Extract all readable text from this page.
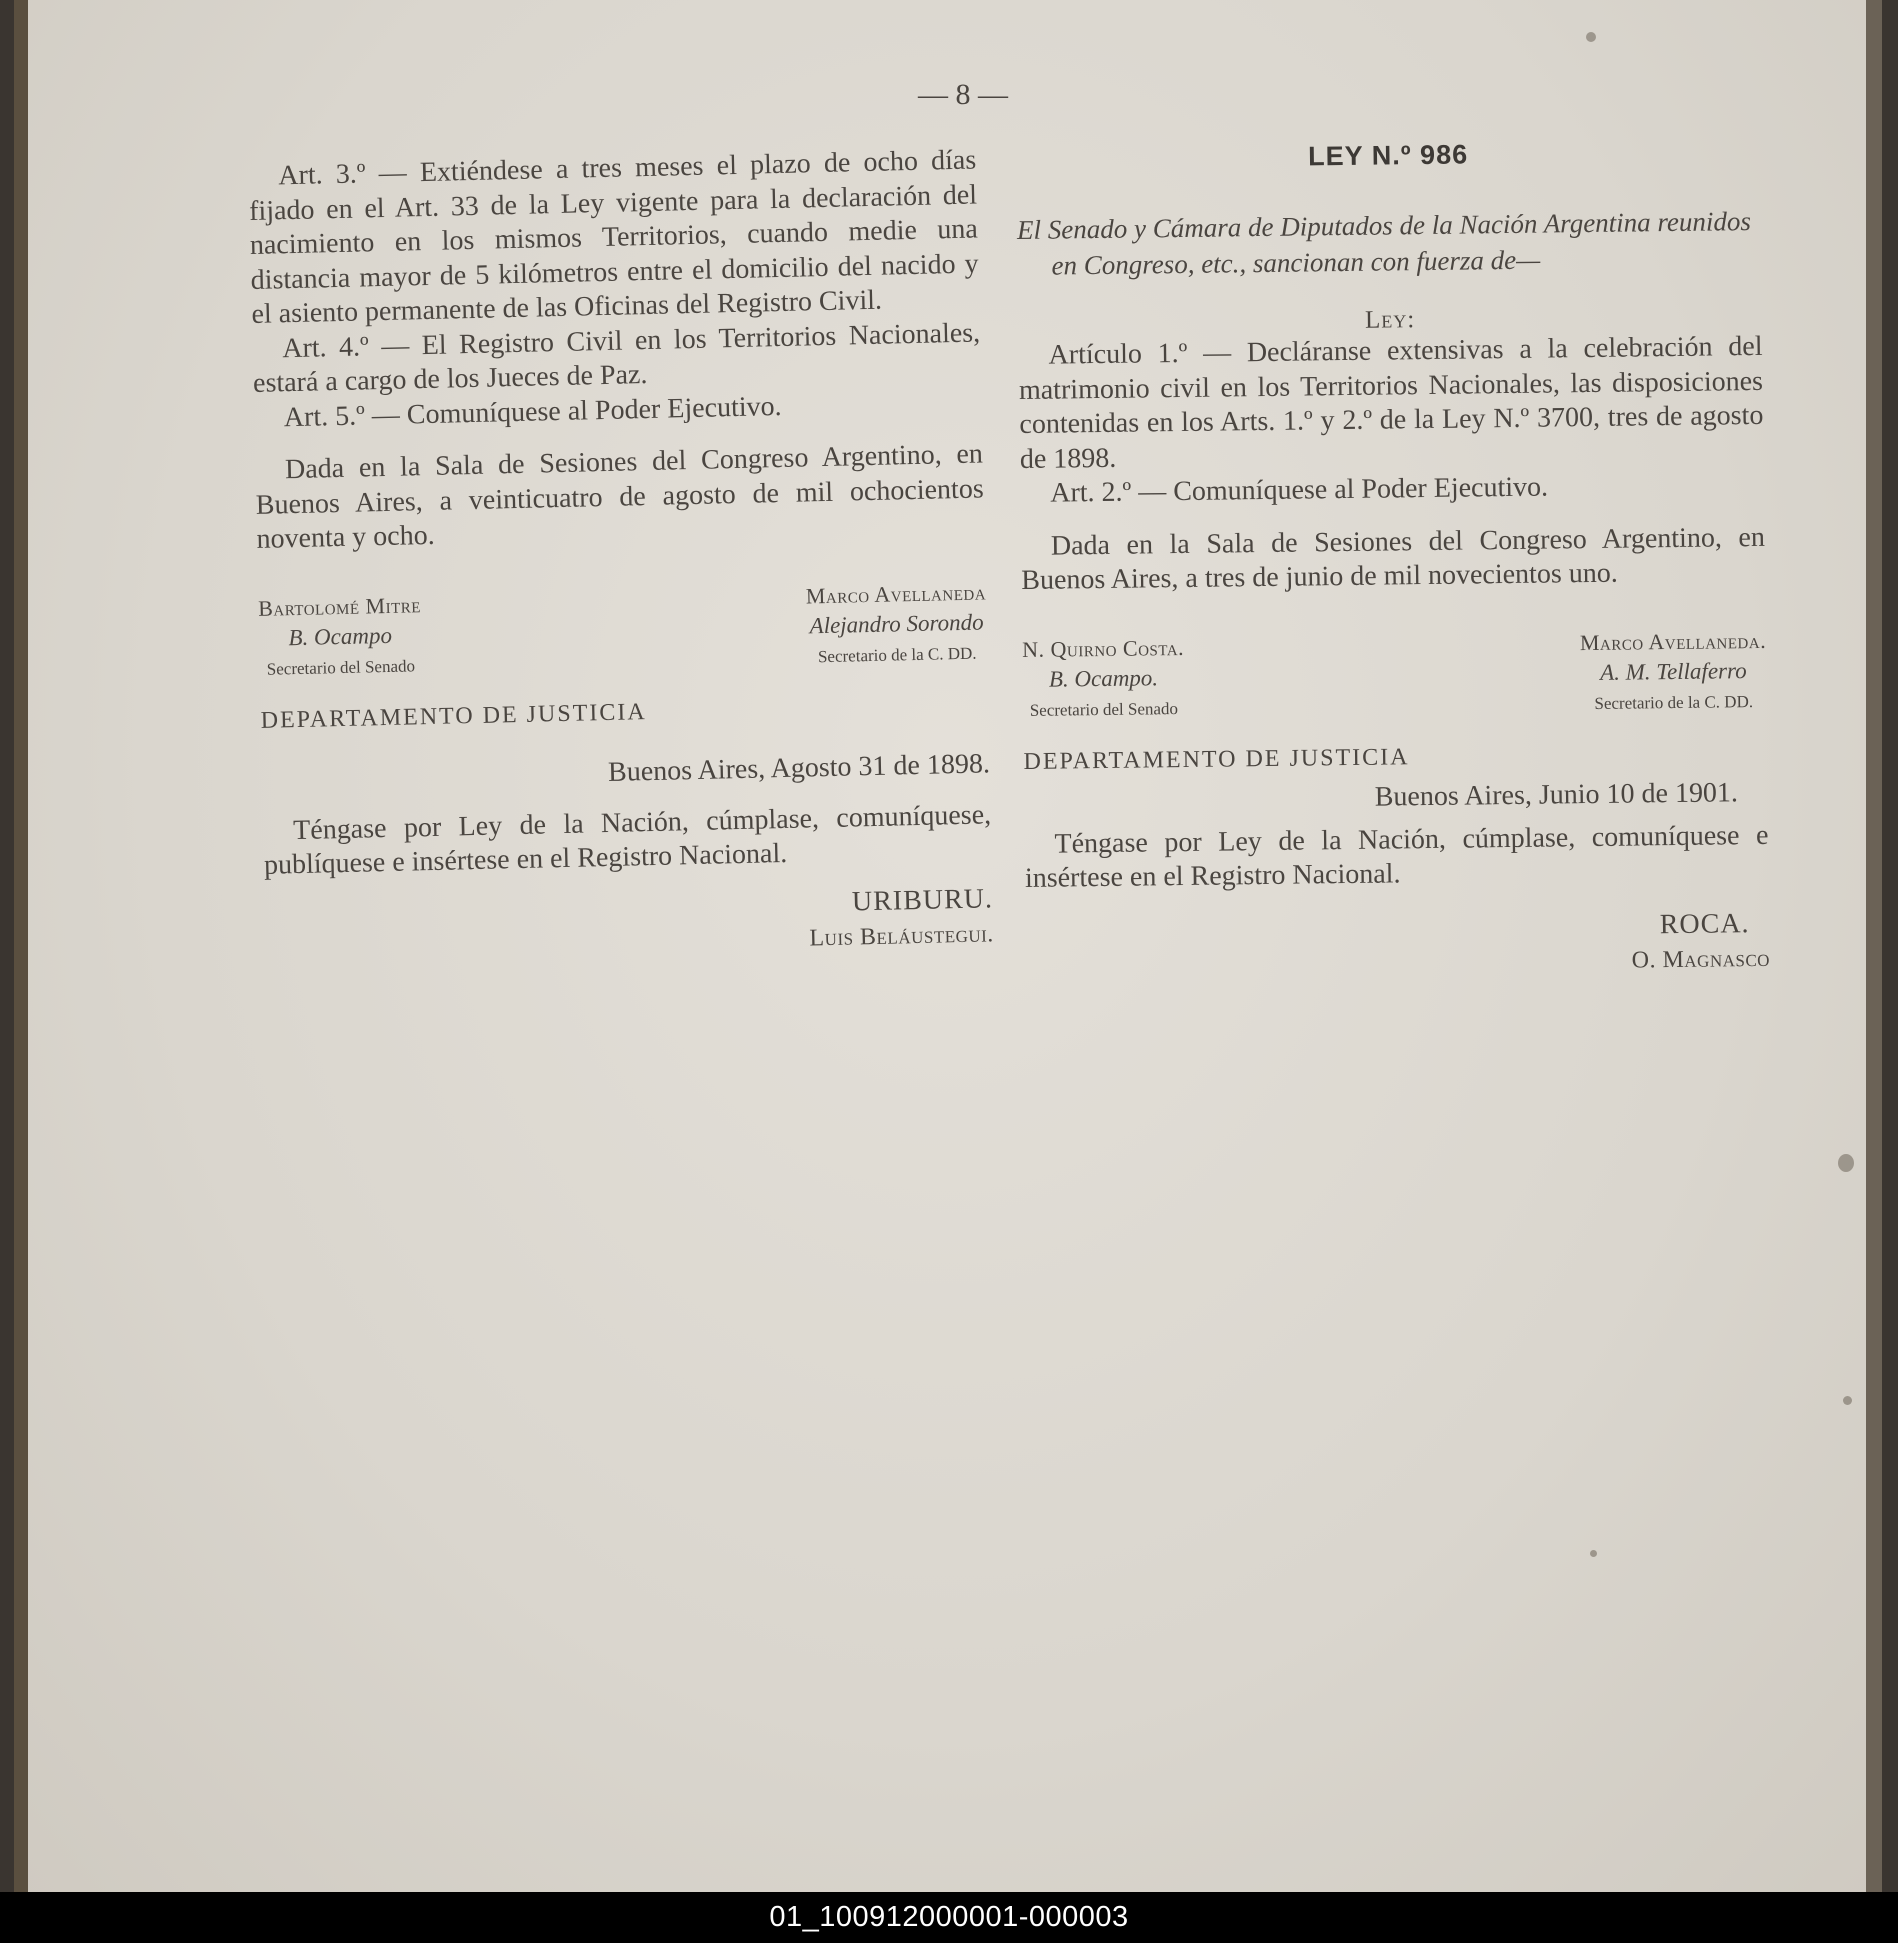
— 8 —

Art. 3.º — Extiéndese a tres meses el plazo de ocho días fijado en el Art. 33 de la Ley vigente para la declaración del nacimiento en los mismos Territorios, cuando medie una distancia mayor de 5 kilómetros entre el domicilio del nacido y el asiento permanente de las Oficinas del Registro Civil.

Art. 4.º — El Registro Civil en los Territorios Nacionales, estará a cargo de los Jueces de Paz.

Art. 5.º — Comuníquese al Poder Ejecutivo.

Dada en la Sala de Sesiones del Congreso Argentino, en Buenos Aires, a veinticuatro de agosto de mil ochocientos noventa y ocho.

Bartolomé Mitre
B. Ocampo
Secretario del Senado
Marco Avellaneda
Alejandro Sorondo
Secretario de la C. DD.
DEPARTAMENTO DE JUSTICIA
Buenos Aires, Agosto 31 de 1898.

Téngase por Ley de la Nación, cúmplase, comuníquese, publíquese e insértese en el Registro Nacional.

URIBURU.
Luis Beláustegui.
LEY N.º 986

El Senado y Cámara de Diputados de la Nación Argentina reunidos en Congreso, etc., sancionan con fuerza de—

Ley:

Artículo 1.º — Decláranse extensivas a la celebración del matrimonio civil en los Territorios Nacionales, las disposiciones contenidas en los Arts. 1.º y 2.º de la Ley N.º 3700, tres de agosto de 1898.

Art. 2.º — Comuníquese al Poder Ejecutivo.

Dada en la Sala de Sesiones del Congreso Argentino, en Buenos Aires, a tres de junio de mil novecientos uno.

N. Quirno Costa.
B. Ocampo.
Secretario del Senado
Marco Avellaneda.
A. M. Tellaferro
Secretario de la C. DD.
DEPARTAMENTO DE JUSTICIA
Buenos Aires, Junio 10 de 1901.

Téngase por Ley de la Nación, cúmplase, comuníquese e insértese en el Registro Nacional.

ROCA.
O. Magnasco
01_100912000001-000003
